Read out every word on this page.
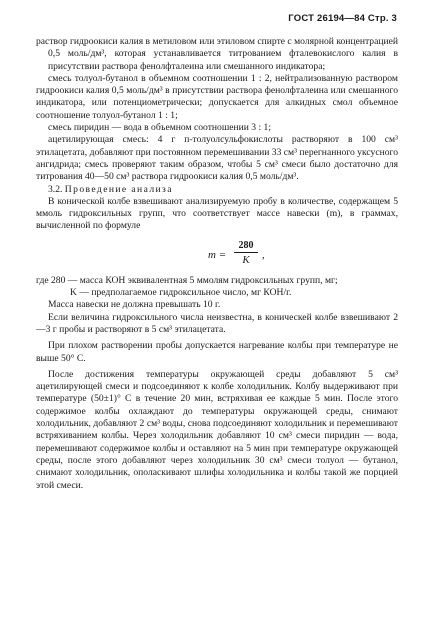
ГОСТ 26194—84 Стр. 3

раствор гидроокиси калия в метиловом или этиловом спирте с молярной концентрацией 0,5 моль/дм³, которая устанавливается титрованием фталевокислого калия в присутствии раствора фенолфталеина или смешанного индикатора;

смесь толуол-бутанол в объемном соотношении 1 : 2, нейтрализованную раствором гидроокиси калия 0,5 моль/дм³ в присутствии раствора фенолфталеина или смешанного индикатора, или потенциометрически; допускается для алкидных смол объемное соотношение толуол-бутанол 1 : 1;

смесь пиридин — вода в объемном соотношении 3 : 1;

ацетилирующая смесь: 4 г п-толуолсульфокислоты растворяют в 100 см³ этилацетата, добавляют при постоянном перемешивании 33 см³ перегнанного уксусного ангидрида; смесь проверяют таким образом, чтобы 5 см³ смеси было достаточно для титрования 40—50 см³ раствора гидроокиси калия 0,5 моль/дм³.

3.2. Проведение анализа

В конической колбе взвешивают анализируемую пробу в количестве, содержащем 5 ммоль гидроксильных групп, что соответствует массе навески (m), в граммах, вычисленной по формуле

$m = \frac{280}{K}$ ,

где 280 — масса КОН эквивалентная 5 ммолям гидроксильных групп, мг;

K — предполагаемое гидроксильное число, мг КОН/г.

Масса навески не должна превышать 10 г.

Если величина гидроксильного числа неизвестна, в коническей колбе взвешивают 2—3 г пробы и растворяют в 5 см³ этилацетата.

При плохом растворении пробы допускается нагревание колбы при температуре не выше 50° С.

После достижения температуры окружающей среды добавляют 5 см³ ацетилирующей смеси и подсоединяют к колбе холодильник. Колбу выдерживают при температуре (50±1)° С в течение 20 мин, встряхивая ее каждые 5 мин. После этого содержимое колбы охлаждают до температуры окружающей среды, снимают холодильник, добавляют 2 см³ воды, снова подсоединяют холодильник и перемешивают встряхиванием колбы. Через холодильник добавляют 10 см³ смеси пиридин — вода, перемешивают содержимое колбы и оставляют на 5 мин при температуре окружающей среды, после этого добавляют через холодильник 30 см³ смеси толуол — бутанол, снимают холодильник, ополаскивают шлифы холодильника и колбы такой же порцией этой смеси.
